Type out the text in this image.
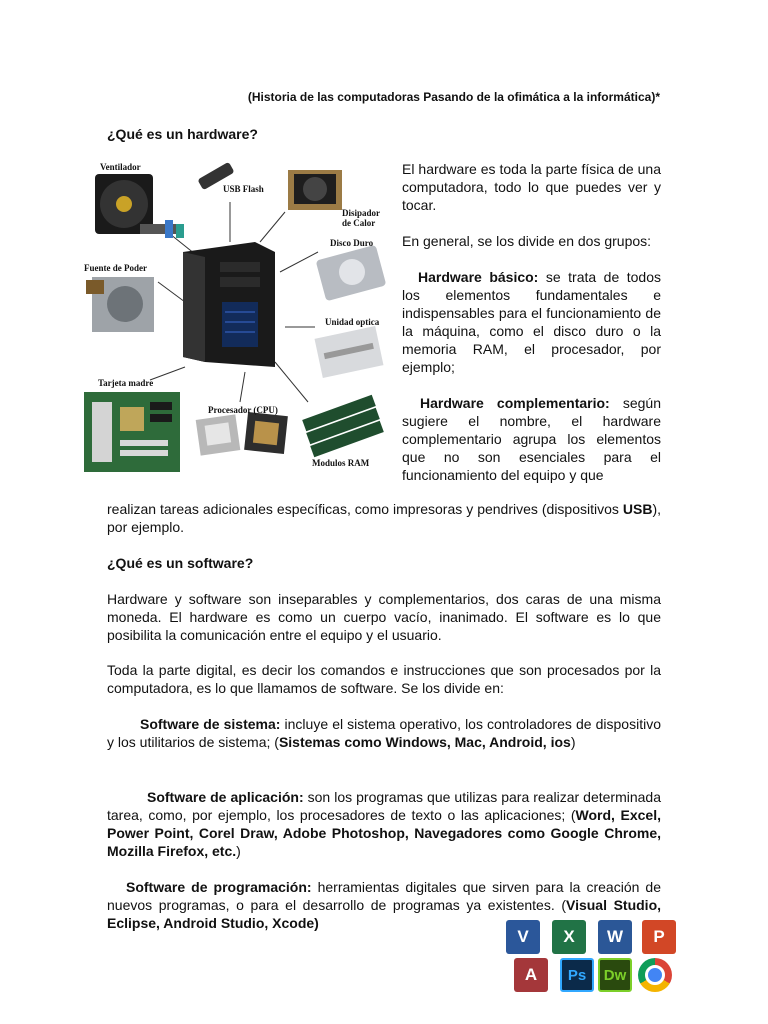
(Historia de las computadoras Pasando de la ofimática a la informática)*
¿Qué es un hardware?
Ventilador
USB Flash
Disipador
de Calor
Disco Duro
Fuente de Poder
Unidad optica
Tarjeta madre
Procesador (CPU)
Modulos RAM

El hardware es toda la parte física de una computadora, todo lo que puedes ver y tocar.

En general, se los divide en dos grupos:

Hardware básico: se trata de todos los elementos fundamentales e indispensables para el funcionamiento de la máquina, como el disco duro o la memoria RAM, el procesador, por ejemplo;

Hardware complementario: según sugiere el nombre, el hardware complementario agrupa los elementos que no son esenciales para el funcionamiento del equipo y que

realizan tareas adicionales específicas, como impresoras y pendrives (dispositivos USB), por ejemplo.

¿Qué es un software?

Hardware y software son inseparables y complementarios, dos caras de una misma moneda. El hardware es como un cuerpo vacío, inanimado. El software es lo que posibilita la comunicación entre el equipo y el usuario.

Toda la parte digital, es decir los comandos e instrucciones que son procesados por la computadora, es lo que llamamos de software. Se los divide en:

Software de sistema: incluye el sistema operativo, los controladores de dispositivo y los utilitarios de sistema; (Sistemas como Windows, Mac, Android, ios)

Software de aplicación: son los programas que utilizas para realizar determinada tarea, como, por ejemplo, los procesadores de texto o las aplicaciones; (Word, Excel, Power Point, Corel Draw, Adobe Photoshop, Navegadores como Google Chrome, Mozilla Firefox, etc.)

Software de programación: herramientas digitales que sirven para la creación de nuevos programas, o para el desarrollo de programas ya existentes. (Visual Studio, Eclipse, Android Studio, Xcode)

V X W P
A Ps Dw
